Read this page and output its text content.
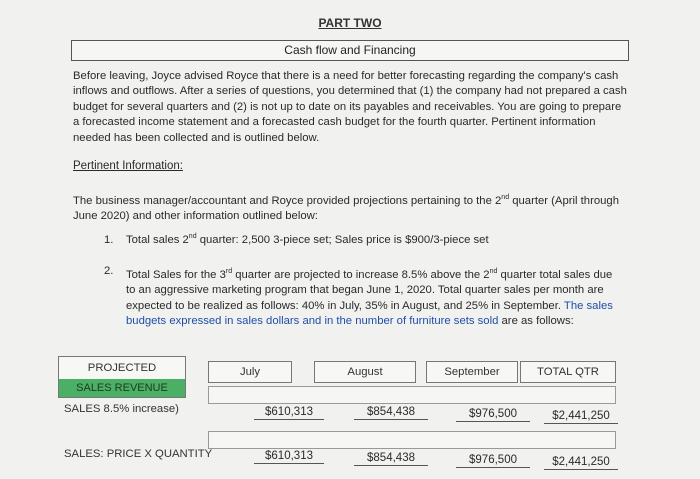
PART TWO
Cash flow and Financing
Before leaving, Joyce advised Royce that there is a need for better forecasting regarding the company's cash inflows and outflows. After a series of questions, you determined that (1) the company had not prepared a cash budget for several quarters and (2) is not up to date on its payables and receivables. You are going to prepare a forecasted income statement and a forecasted cash budget for the fourth quarter. Pertinent information needed has been collected and is outlined below.
Pertinent Information:
The business manager/accountant and Royce provided projections pertaining to the 2nd quarter (April through June 2020) and other information outlined below:
1. Total sales 2nd quarter: 2,500 3-piece set; Sales price is $900/3-piece set
2. Total Sales for the 3rd quarter are projected to increase 8.5% above the 2nd quarter total sales due to an aggressive marketing program that began June 1, 2020. Total quarter sales per month are expected to be realized as follows: 40% in July, 35% in August, and 25% in September. The sales budgets expressed in sales dollars and in the number of furniture sets sold are as follows:
PROJECTED
SALES REVENUE
July	August	September	TOTAL QTR
SALES 8.5% increase)	$610,313	$854,438	$976,500	$2,441,250
SALES: PRICE X QUANTITY	$610,313	$854,438	$976,500	$2,441,250
